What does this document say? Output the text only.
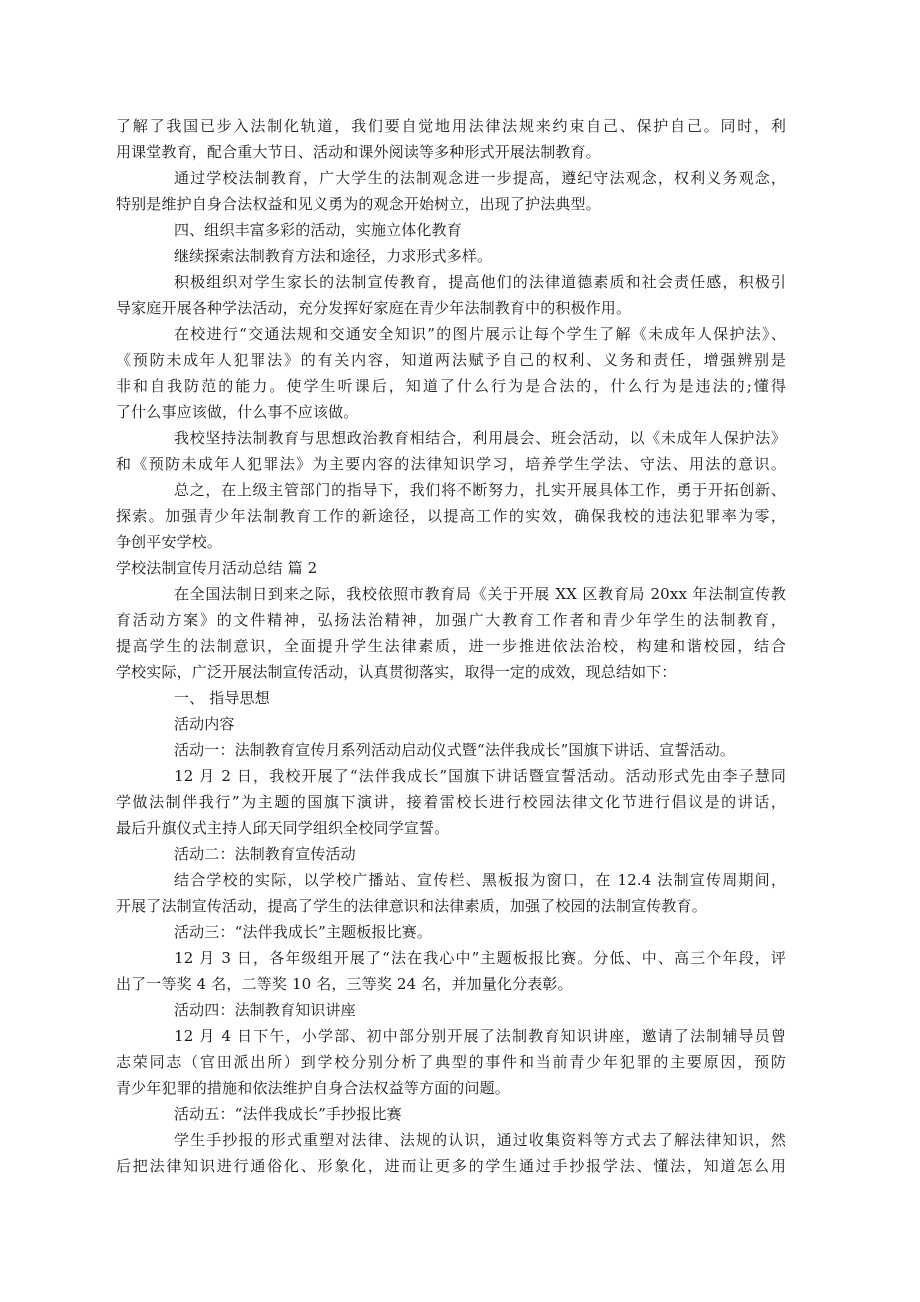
了解了我国已步入法制化轨道，我们要自觉地用法律法规来约束自己、保护自己。同时，利
用课堂教育，配合重大节日、活动和课外阅读等多种形式开展法制教育。
通过学校法制教育，广大学生的法制观念进一步提高，遵纪守法观念，权利义务观念，
特别是维护自身合法权益和见义勇为的观念开始树立，出现了护法典型。
四、组织丰富多彩的活动，实施立体化教育
继续探索法制教育方法和途径，力求形式多样。
积极组织对学生家长的法制宣传教育，提高他们的法律道德素质和社会责任感，积极引
导家庭开展各种学法活动，充分发挥好家庭在青少年法制教育中的积极作用。
在校进行“交通法规和交通安全知识”的图片展示让每个学生了解《未成年人保护法》、
《预防未成年人犯罪法》的有关内容，知道两法赋予自己的权利、义务和责任，增强辨别是
非和自我防范的能力。使学生听课后，知道了什么行为是合法的，什么行为是违法的;懂得
了什么事应该做，什么事不应该做。
我校坚持法制教育与思想政治教育相结合，利用晨会、班会活动，以《未成年人保护法》
和《预防未成年人犯罪法》为主要内容的法律知识学习，培养学生学法、守法、用法的意识。
总之，在上级主管部门的指导下，我们将不断努力，扎实开展具体工作，勇于开拓创新、
探索。加强青少年法制教育工作的新途径，以提高工作的实效，确保我校的违法犯罪率为零，
争创平安学校。
学校法制宣传月活动总结 篇 2
在全国法制日到来之际，我校依照市教育局《关于开展 XX 区教育局 20xx 年法制宣传教
育活动方案》的文件精神，弘扬法治精神，加强广大教育工作者和青少年学生的法制教育，
提高学生的法制意识，全面提升学生法律素质，进一步推进依法治校，构建和谐校园，结合
学校实际，广泛开展法制宣传活动，认真贯彻落实，取得一定的成效，现总结如下：
一、 指导思想
活动内容
活动一：法制教育宣传月系列活动启动仪式暨“法伴我成长”国旗下讲话、宣誓活动。
12 月 2 日，我校开展了“法伴我成长”国旗下讲话暨宣誓活动。活动形式先由李子慧同
学做法制伴我行”为主题的国旗下演讲，接着雷校长进行校园法律文化节进行倡议是的讲话，
最后升旗仪式主持人邱天同学组织全校同学宣誓。
活动二：法制教育宣传活动
结合学校的实际，以学校广播站、宣传栏、黑板报为窗口，在 12.4 法制宣传周期间，
开展了法制宣传活动，提高了学生的法律意识和法律素质，加强了校园的法制宣传教育。
活动三：“法伴我成长”主题板报比赛。
12 月 3 日，各年级组开展了“法在我心中”主题板报比赛。分低、中、高三个年段，评
出了一等奖 4 名，二等奖 10 名，三等奖 24 名，并加量化分表彰。
活动四：法制教育知识讲座
12 月 4 日下午，小学部、初中部分别开展了法制教育知识讲座，邀请了法制辅导员曾
志荣同志（官田派出所）到学校分别分析了典型的事件和当前青少年犯罪的主要原因，预防
青少年犯罪的措施和依法维护自身合法权益等方面的问题。
活动五：“法伴我成长”手抄报比赛
学生手抄报的形式重塑对法律、法规的认识，通过收集资料等方式去了解法律知识，然
后把法律知识进行通俗化、形象化，进而让更多的学生通过手抄报学法、懂法，知道怎么用
